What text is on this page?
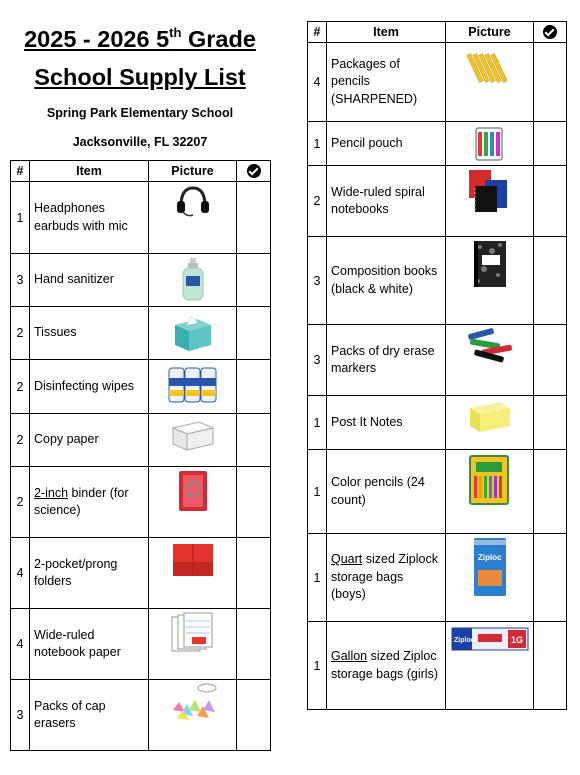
2025 - 2026 5th Grade
School Supply List
Spring Park Elementary School
Jacksonville, FL 32207
#	Item	Picture	
1	Headphones earbuds with mic	

3	Hand sanitizer	

2	Tissues	

2	Disinfecting wipes	

2	Copy paper	

2	2-inch binder (for science)	

4	2-pocket/prong folders	

4	Wide-ruled notebook paper	

3	Packs of cap erasers	

#	Item	Picture	
4	Packages of pencils (SHARPENED)	

1	Pencil pouch	

2	Wide-ruled spiral notebooks	

3	Composition books (black & white)	

3	Packs of dry erase markers	

1	Post It Notes	

1	Color pencils (24 count)	

1	Quart sized Ziplock storage bags (boys)	Ziploc	

1	Gallon sized Ziploc storage bags (girls)	Ziploc 1G	
